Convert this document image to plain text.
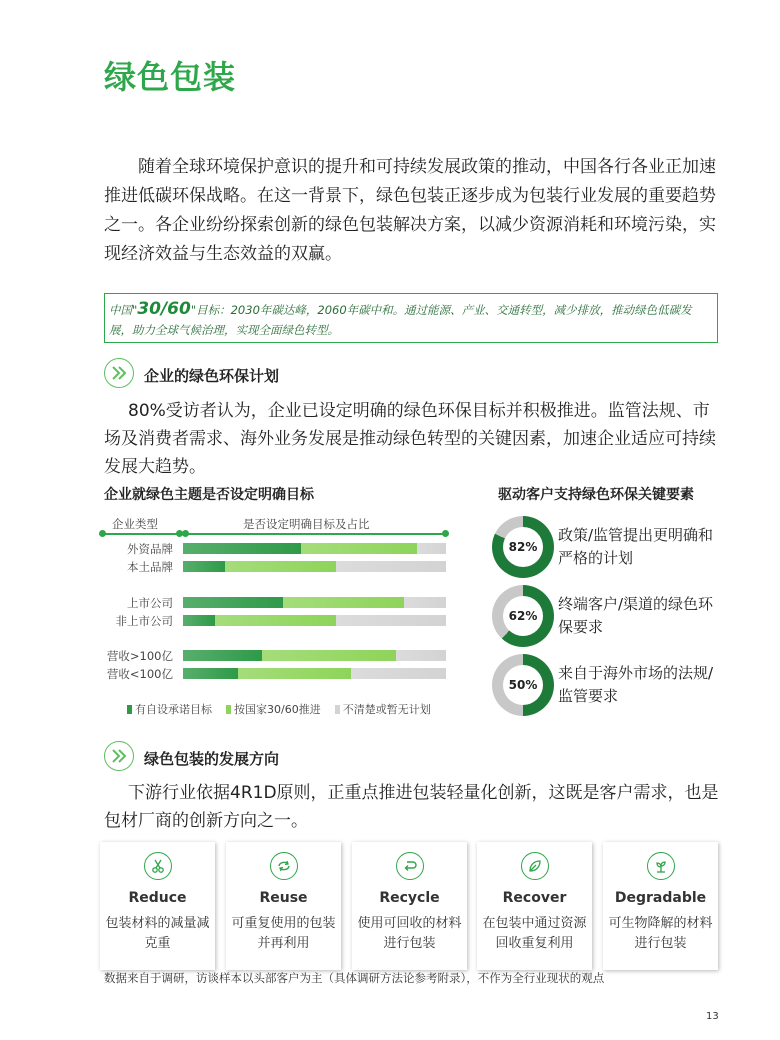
绿色包装
随着全球环境保护意识的提升和可持续发展政策的推动，中国各行各业正加速推进低碳环保战略。在这一背景下，绿色包装正逐步成为包装行业发展的重要趋势之一。各企业纷纷探索创新的绿色包装解决方案，以减少资源消耗和环境污染，实现经济效益与生态效益的双赢。
中国"30/60"目标：2030年碳达峰，2060年碳中和。通过能源、产业、交通转型，减少排放，推动绿色低碳发展，助力全球气候治理，实现全面绿色转型。
企业的绿色环保计划
80%受访者认为，企业已设定明确的绿色环保目标并积极推进。监管法规、市场及消费者需求、海外业务发展是推动绿色转型的关键因素，加速企业适应可持续发展大趋势。
企业就绿色主题是否设定明确目标
企业类型	是否设定明确目标及占比
外资品牌
本土品牌
上市公司
非上市公司
营收>100亿
营收<100亿
有自设承诺目标	按国家30/60推进	不清楚或暂无计划
驱动客户支持绿色环保关键要素
82%
政策/监管提出更明确和严格的计划
62%
终端客户/渠道的绿色环保要求
50%
来自于海外市场的法规/监管要求
绿色包装的发展方向
下游行业依据4R1D原则，正重点推进包装轻量化创新，这既是客户需求，也是包材厂商的创新方向之一。
Reduce
包装材料的减量减克重
Reuse
可重复使用的包装并再利用
Recycle
使用可回收的材料进行包装
Recover
在包装中通过资源回收重复利用
Degradable
可生物降解的材料进行包装
数据来自于调研，访谈样本以头部客户为主（具体调研方法论参考附录），不作为全行业现状的观点
13
